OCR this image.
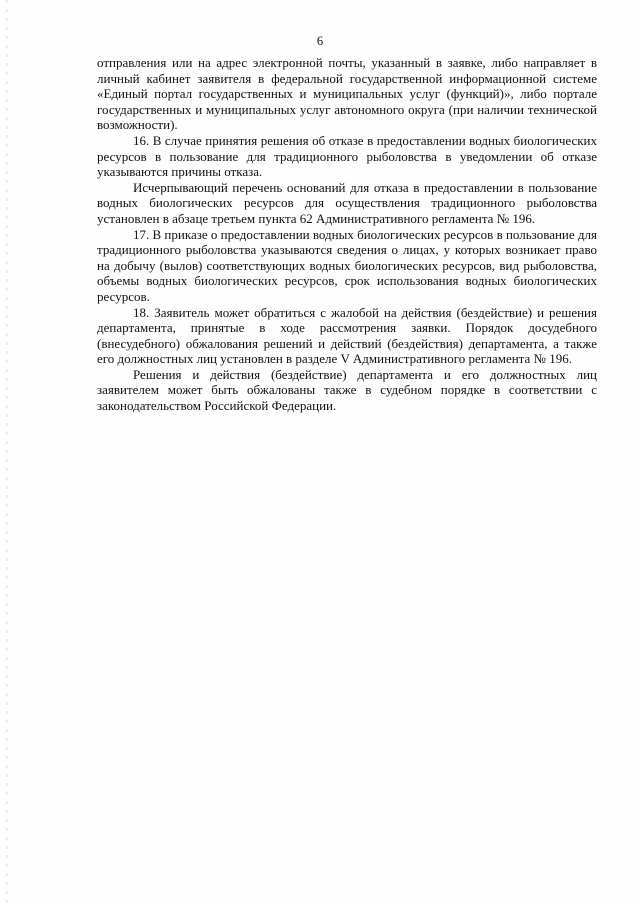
6

отправления или на адрес электронной почты, указанный в заявке, либо направляет в личный кабинет заявителя в федеральной государственной информационной системе «Единый портал государственных и муниципальных услуг (функций)», либо портале государственных и муниципальных услуг автономного округа (при наличии технической возможности).

16. В случае принятия решения об отказе в предоставлении водных биологических ресурсов в пользование для традиционного рыболовства в уведомлении об отказе указываются причины отказа.

Исчерпывающий перечень оснований для отказа в предоставлении в пользование водных биологических ресурсов для осуществления традиционного рыболовства установлен в абзаце третьем пункта 62 Административного регламента № 196.

17. В приказе о предоставлении водных биологических ресурсов в пользование для традиционного рыболовства указываются сведения о лицах, у которых возникает право на добычу (вылов) соответствующих водных биологических ресурсов, вид рыболовства, объемы водных биологических ресурсов, срок использования водных биологических ресурсов.

18. Заявитель может обратиться с жалобой на действия (бездействие) и решения департамента, принятые в ходе рассмотрения заявки. Порядок досудебного (внесудебного) обжалования решений и действий (бездействия) департамента, а также его должностных лиц установлен в разделе V Административного регламента № 196.

Решения и действия (бездействие) департамента и его должностных лиц заявителем может быть обжалованы также в судебном порядке в соответствии с законодательством Российской Федерации.
